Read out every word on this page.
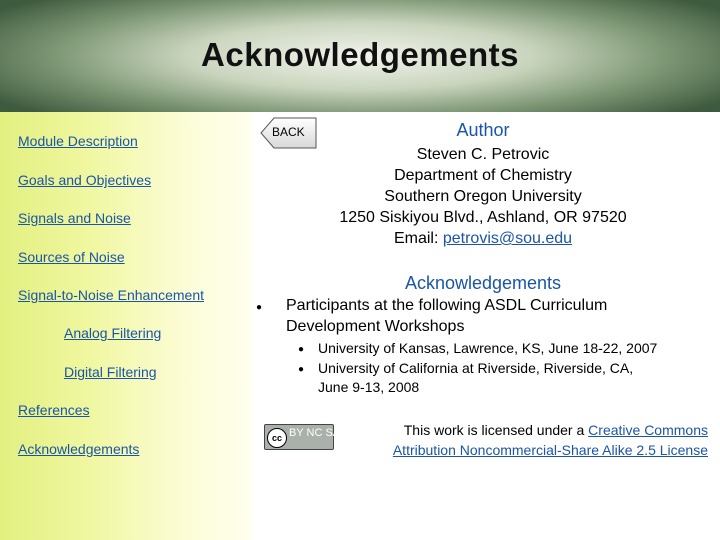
Acknowledgements
Module Description
Goals and Objectives
Signals and Noise
Sources of Noise
Signal-to-Noise Enhancement
Analog Filtering
Digital Filtering
References
Acknowledgements
BACK	Author
Steven C. Petrovic
Department of Chemistry
Southern Oregon University
1250 Siskiyou Blvd., Ashland, OR 97520
Email: petrovis@sou.edu
Acknowledgements
● Participants at the following ASDL Curriculum
Development Workshops
● University of Kansas, Lawrence, KS, June 18-22, 2007
● University of California at Riverside, Riverside, CA,
June 9-13, 2008
cc BY NC SA	This work is licensed under a Creative Commons
Attribution Noncommercial-Share Alike 2.5 License
